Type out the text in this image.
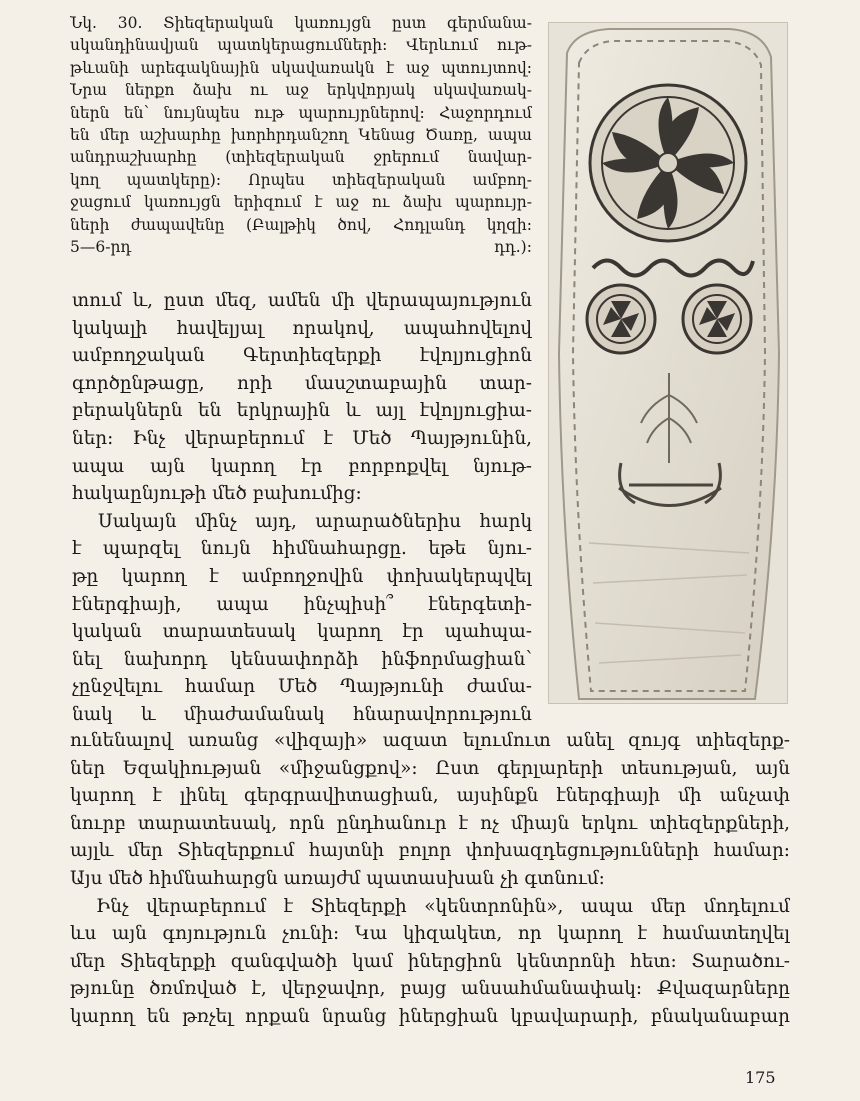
Նկ. 30. Տիեզերական կառույցն ըստ գերմանա-
սկանդինավյան պատկերացումների: Վերևում ութ-
թևանի արեգակնային սկավառակն է աջ պտույտով:
Նրա ներքո ձախ ու աջ երկվորյակ սկավառակ-
ներն են՝ նույնպես ութ պարույրներով: Հաջորդում
են մեր աշխարհը խորհրդանշող Կենաց Ծառը, ապա
անդրաշխարհը (տիեզերական ջրերում նավար-
կող պատկերը): Որպես տիեզերական ամբող-
ջացում կառույցն երիզում է աջ ու ձախ պարույր-
ների ժապավենը (Բալթիկ ծով, Հոդլանդ կղզի:
5—6-րդ դդ.)։
տում և, ըստ մեզ, ամեն մի վերապայություն
կակալի հավելյալ որակով, ապահովելով
ամբողջական Գերտիեզերքի էվոլյուցիոն
գործընթացը, որի մասշտաբային տար-
բերակներն են երկրային և այլ էվոլյուցիա-
ներ: Ինչ վերաբերում է Մեծ Պայթյունին,
ապա այն կարող էր բորբոքվել նյութ-
հակաընյութի մեծ բախումից:
Սակայն մինչ այդ, արարածներիս հարկ
է պարզել նույն հիմնահարցը. եթե նյու-
թը կարող է ամբողջովին փոխակերպվել
էներգիայի, ապա ինչպիսի՞ էներգետի-
կական տարատեսակ կարող էր պահպա-
նել նախորդ կենսափորձի ինֆորմացիան՝
չընջվելու համար Մեծ Պայթյունի ժամա-
նակ և միաժամանակ հնարավորություն
ունենալով առանց «վիզայի» ազատ ելումուտ անել զույգ տիեզերք-
ներ Եզակիության «միջանցքով»: Ըստ գերլարերի տեսության, այն
կարող է լինել գերգրավիտացիան, այսինքն էներգիայի մի անչափ
նուրբ տարատեսակ, որն ընդհանուր է ոչ միայն երկու տիեզերքների,
այլև մեր Տիեզերքում հայտնի բոլոր փոխազդեցությունների համար:
Այս մեծ հիմնահարցն առայժմ պատասխան չի գտնում:
Ինչ վերաբերում է Տիեզերքի «կենտրոնին», ապա մեր մոդելում
ևս այն գոյություն չունի: Կա կիզակետ, որ կարող է համատեղվել
մեր Տիեզերքի զանգվածի կամ իներցիոն կենտրոնի հետ: Տարածու-
թյունը ծռմռված է, վերջավոր, բայց անսահմանափակ: Քվազարները
կարող են թռչել որքան նրանց իներցիան կբավարարի, բնականաբար
175
